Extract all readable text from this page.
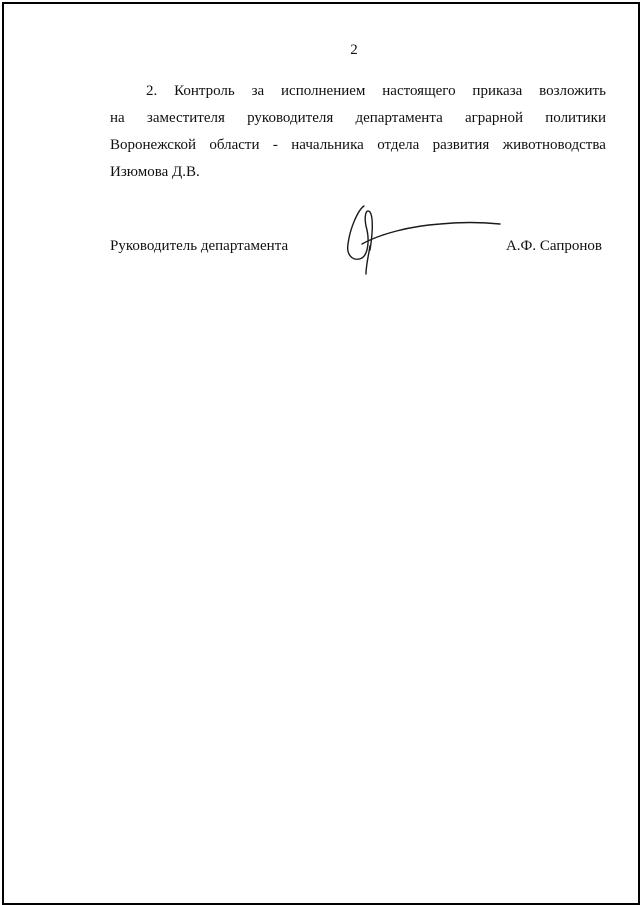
2
2. Контроль за исполнением настоящего приказа возложить
на заместителя руководителя департамента аграрной политики
Воронежской области - начальника отдела развития животноводства
Изюмова Д.В.
Руководитель департамента	А.Ф. Сапронов
